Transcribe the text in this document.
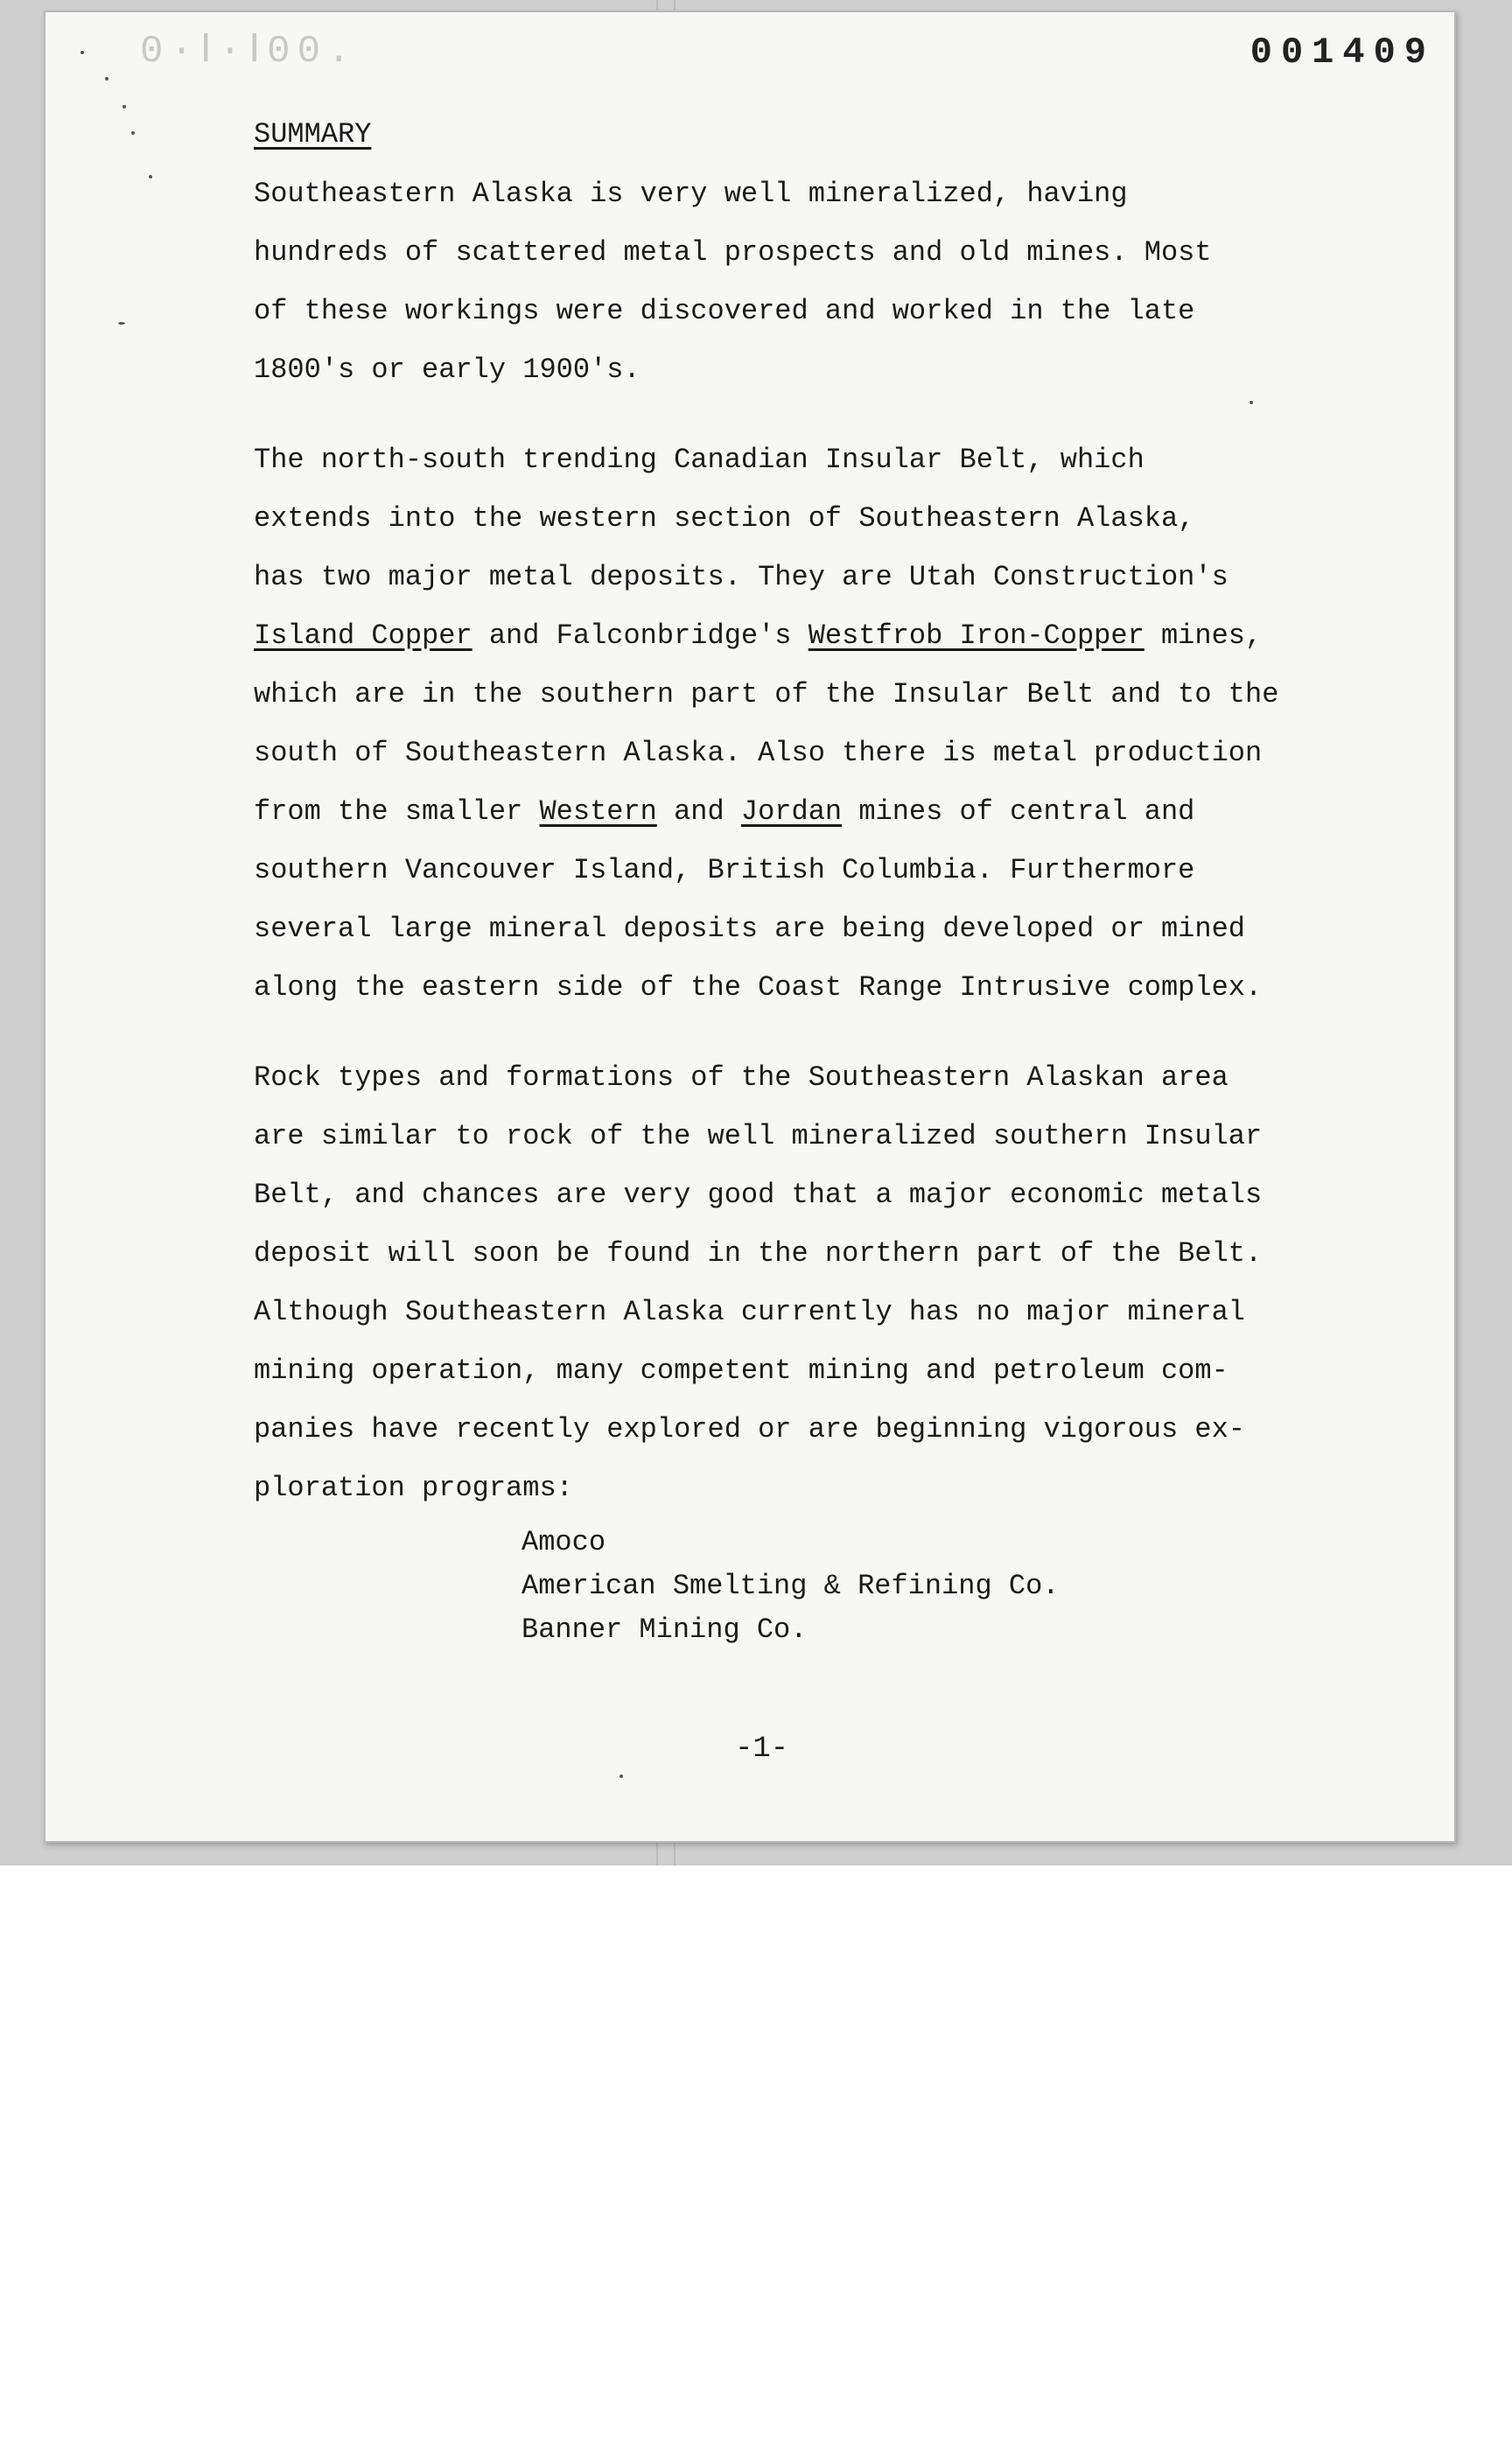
0·Ⅰ·Ⅰ00.	001409
SUMMARY
Southeastern Alaska is very well mineralized, having
hundreds of scattered metal prospects and old mines. Most
of these workings were discovered and worked in the late
1800's or early 1900's.
The north-south trending Canadian Insular Belt, which
extends into the western section of Southeastern Alaska,
has two major metal deposits. They are Utah Construction's
Island Copper and Falconbridge's Westfrob Iron-Copper mines,
which are in the southern part of the Insular Belt and to the
south of Southeastern Alaska. Also there is metal production
from the smaller Western and Jordan mines of central and
southern Vancouver Island, British Columbia. Furthermore
several large mineral deposits are being developed or mined
along the eastern side of the Coast Range Intrusive complex.
Rock types and formations of the Southeastern Alaskan area
are similar to rock of the well mineralized southern Insular
Belt, and chances are very good that a major economic metals
deposit will soon be found in the northern part of the Belt.
Although Southeastern Alaska currently has no major mineral
mining operation, many competent mining and petroleum com-
panies have recently explored or are beginning vigorous ex-
ploration programs:
Amoco
American Smelting & Refining Co.
Banner Mining Co.
-1-
